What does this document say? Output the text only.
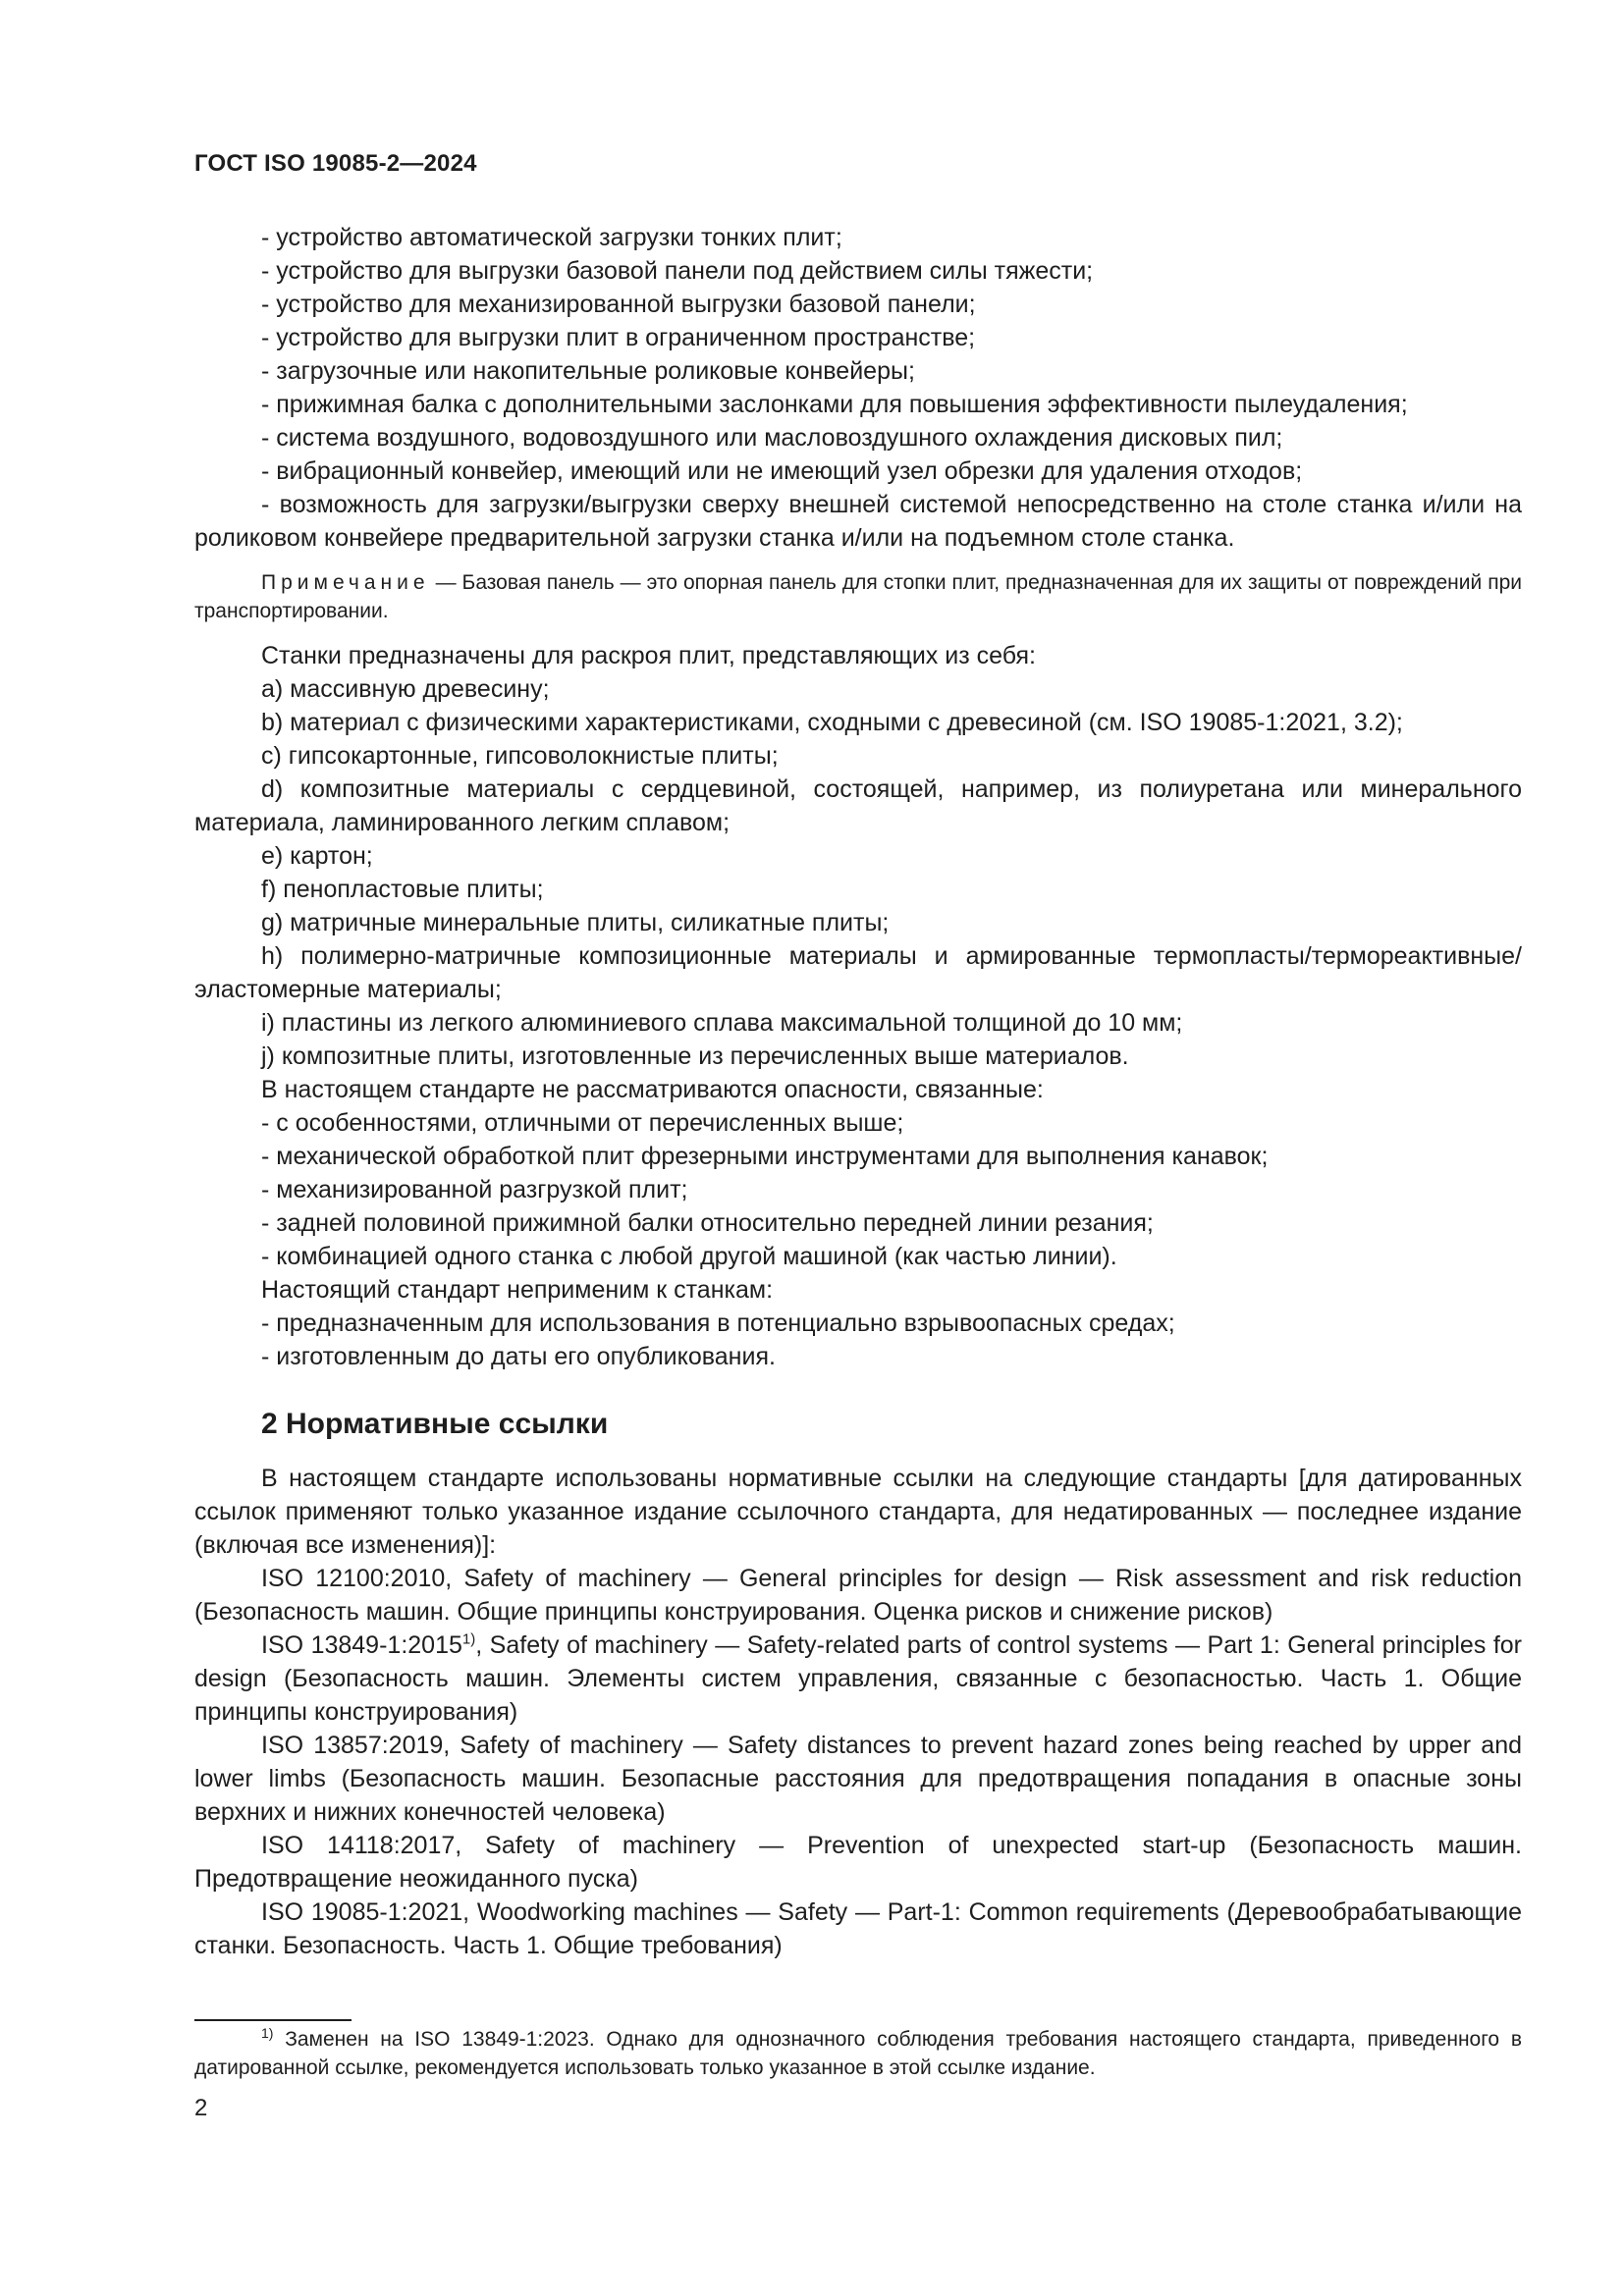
ГОСТ ISO 19085-2—2024

- устройство автоматической загрузки тонких плит;

- устройство для выгрузки базовой панели под действием силы тяжести;

- устройство для механизированной выгрузки базовой панели;

- устройство для выгрузки плит в ограниченном пространстве;

- загрузочные или накопительные роликовые конвейеры;

- прижимная балка с дополнительными заслонками для повышения эффективности пылеудаления;

- система воздушного, водовоздушного или масловоздушного охлаждения дисковых пил;

- вибрационный конвейер, имеющий или не имеющий узел обрезки для удаления отходов;

- возможность для загрузки/выгрузки сверху внешней системой непосредственно на столе станка и/или на роликовом конвейере предварительной загрузки станка и/или на подъемном столе станка.

Примечание — Базовая панель — это опорная панель для стопки плит, предназначенная для их защиты от повреждений при транспортировании.

Станки предназначены для раскроя плит, представляющих из себя:

а) массивную древесину;

b) материал с физическими характеристиками, сходными с древесиной (см. ISO 19085-1:2021, 3.2);

c) гипсокартонные, гипсоволокнистые плиты;

d) композитные материалы с сердцевиной, состоящей, например, из полиуретана или минерального материала, ламинированного легким сплавом;

e) картон;

f) пенопластовые плиты;

g) матричные минеральные плиты, силикатные плиты;

h) полимерно-матричные композиционные материалы и армированные термопласты/термореактивные/эластомерные материалы;

i) пластины из легкого алюминиевого сплава максимальной толщиной до 10 мм;

j) композитные плиты, изготовленные из перечисленных выше материалов.

В настоящем стандарте не рассматриваются опасности, связанные:

- с особенностями, отличными от перечисленных выше;

- механической обработкой плит фрезерными инструментами для выполнения канавок;

- механизированной разгрузкой плит;

- задней половиной прижимной балки относительно передней линии резания;

- комбинацией одного станка с любой другой машиной (как частью линии).

Настоящий стандарт неприменим к станкам:

- предназначенным для использования в потенциально взрывоопасных средах;

- изготовленным до даты его опубликования.

2 Нормативные ссылки

В настоящем стандарте использованы нормативные ссылки на следующие стандарты [для датированных ссылок применяют только указанное издание ссылочного стандарта, для недатированных — последнее издание (включая все изменения)]:

ISO 12100:2010, Safety of machinery — General principles for design — Risk assessment and risk reduction (Безопасность машин. Общие принципы конструирования. Оценка рисков и снижение рисков)

ISO 13849-1:2015$^{1)}$, Safety of machinery — Safety-related parts of control systems — Part 1: General principles for design (Безопасность машин. Элементы систем управления, связанные с безопасностью. Часть 1. Общие принципы конструирования)

ISO 13857:2019, Safety of machinery — Safety distances to prevent hazard zones being reached by upper and lower limbs (Безопасность машин. Безопасные расстояния для предотвращения попадания в опасные зоны верхних и нижних конечностей человека)

ISO 14118:2017, Safety of machinery — Prevention of unexpected start-up (Безопасность машин. Предотвращение неожиданного пуска)

ISO 19085-1:2021, Woodworking machines — Safety — Part-1: Common requirements (Деревообрабатывающие станки. Безопасность. Часть 1. Общие требования)

$^{1)}$ Заменен на ISO 13849-1:2023. Однако для однозначного соблюдения требования настоящего стандарта, приведенного в датированной ссылке, рекомендуется использовать только указанное в этой ссылке издание.
2
